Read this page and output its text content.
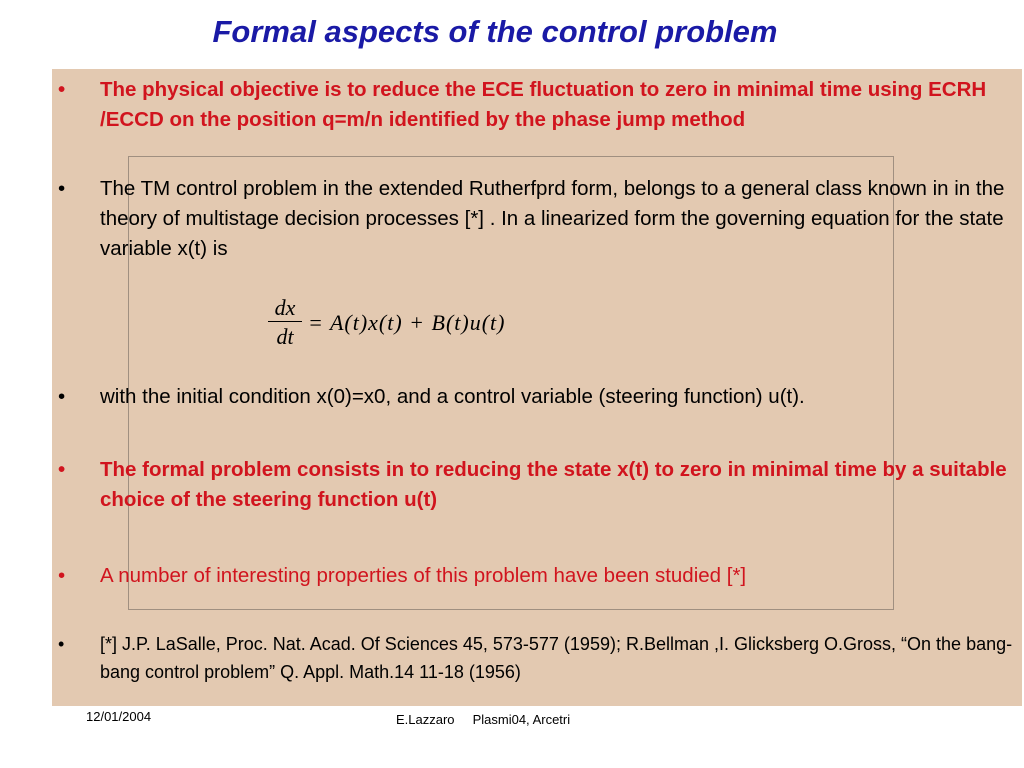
Formal aspects of the control problem
•	The physical objective is to reduce the ECE fluctuation to zero in minimal time using ECRH /ECCD on the position q=m/n identified by the phase jump method
•	The TM control problem in the extended Rutherfprd form, belongs to a general class known in in the theory of multistage decision processes [*] . In a linearized form the governing equation for the state variable x(t) is
$\frac{dx}{dt} = A(t)x(t) + B(t)u(t)$
•	with the initial condition x(0)=x0, and a control variable (steering function) u(t).
•	The formal problem consists in to reducing the state x(t) to zero in minimal time by a suitable choice of the steering function u(t)
•	A number of interesting properties of this problem have been studied [*]
•	[*] J.P. LaSalle, Proc. Nat. Acad. Of Sciences 45, 573-577 (1959); R.Bellman ,I. Glicksberg O.Gross, “On the bang-bang control problem” Q. Appl. Math.14 11-18 (1956)
12/01/2004	E.Lazzaro     Plasmi04, Arcetri
